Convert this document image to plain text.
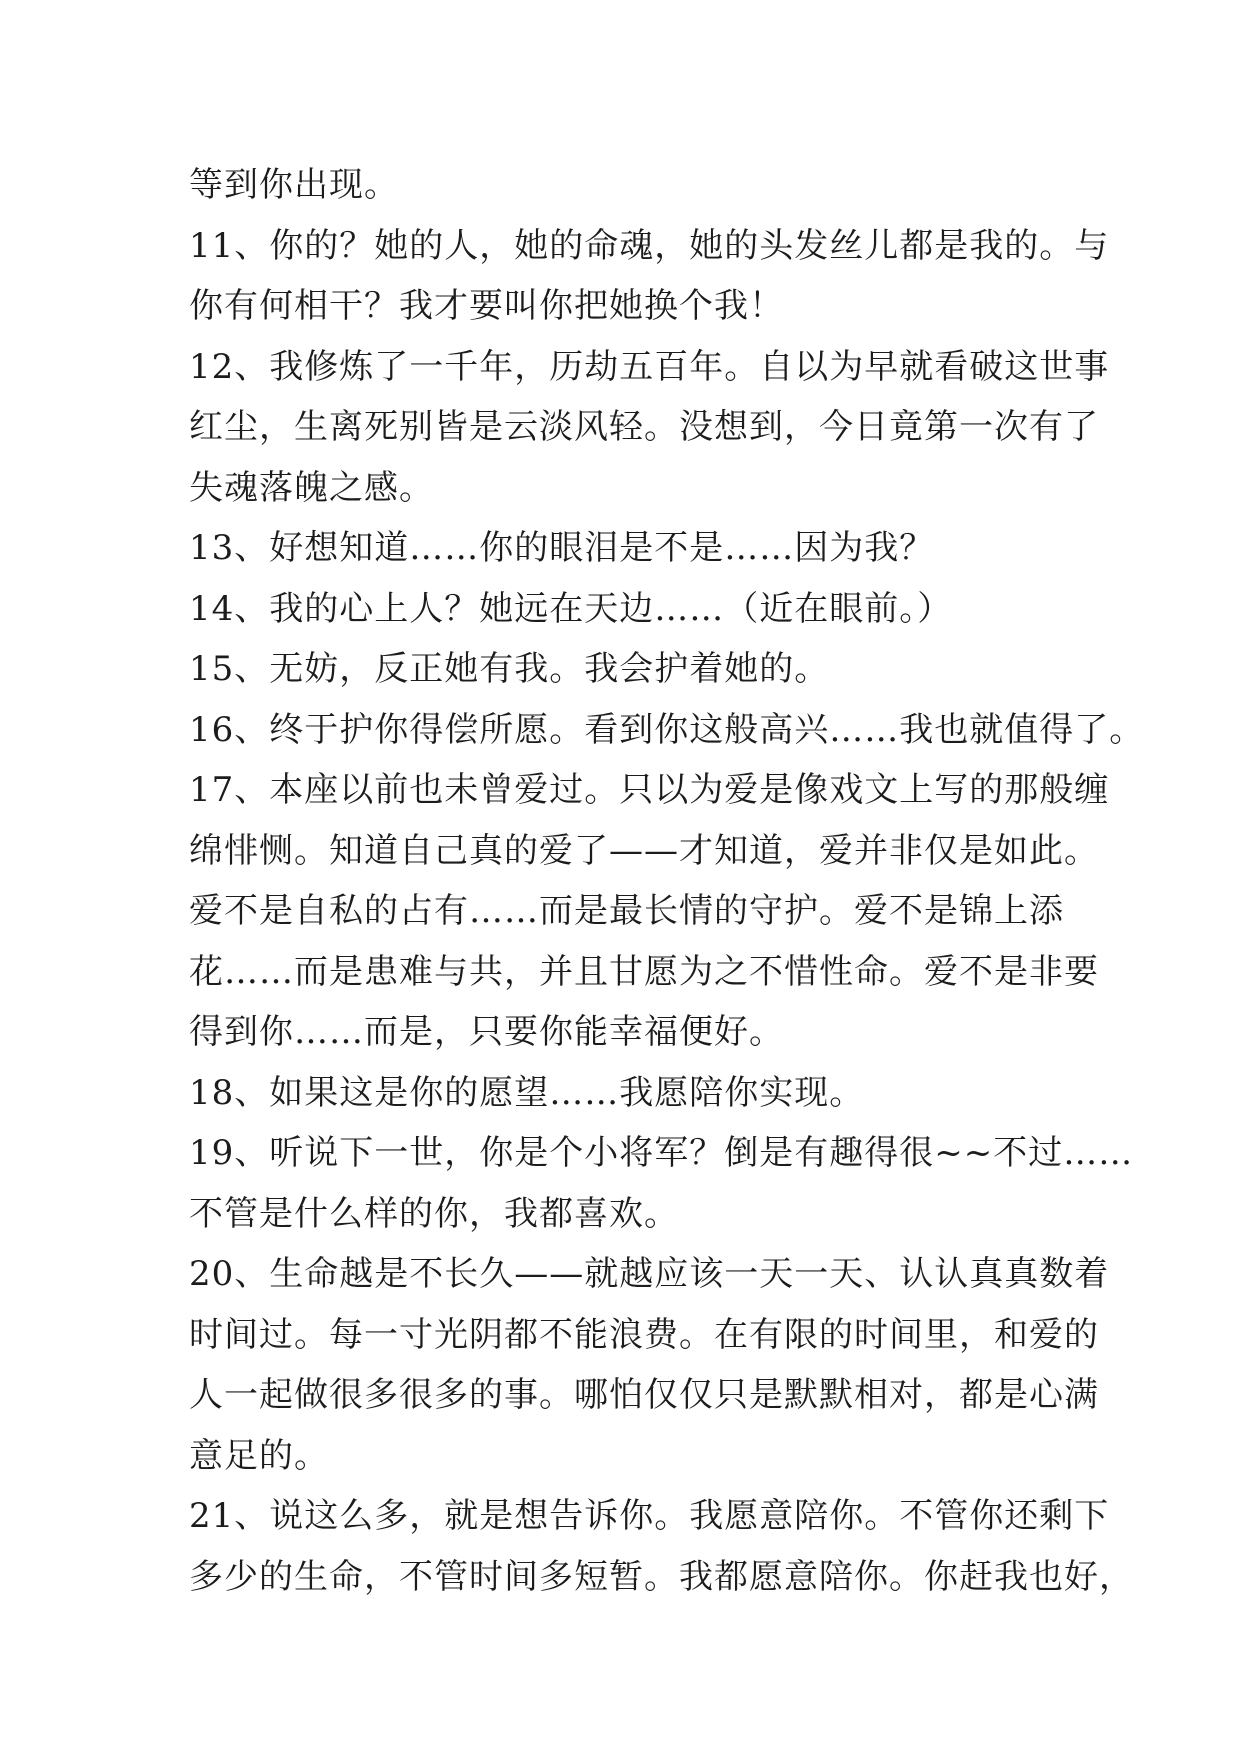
等到你出现。
11、你的？她的人，她的命魂，她的头发丝儿都是我的。与
你有何相干？我才要叫你把她换个我！
12、我修炼了一千年，历劫五百年。自以为早就看破这世事
红尘，生离死别皆是云淡风轻。没想到，今日竟第一次有了
失魂落魄之感。
13、好想知道……你的眼泪是不是……因为我？
14、我的心上人？她远在天边……（近在眼前。）
15、无妨，反正她有我。我会护着她的。
16、终于护你得偿所愿。看到你这般高兴……我也就值得了。
17、本座以前也未曾爱过。只以为爱是像戏文上写的那般缠
绵悱恻。知道自己真的爱了——才知道，爱并非仅是如此。
爱不是自私的占有……而是最长情的守护。爱不是锦上添
花……而是患难与共，并且甘愿为之不惜性命。爱不是非要
得到你……而是，只要你能幸福便好。
18、如果这是你的愿望……我愿陪你实现。
19、听说下一世，你是个小将军？倒是有趣得很~~不过……
不管是什么样的你，我都喜欢。
20、生命越是不长久——就越应该一天一天、认认真真数着
时间过。每一寸光阴都不能浪费。在有限的时间里，和爱的
人一起做很多很多的事。哪怕仅仅只是默默相对，都是心满
意足的。
21、说这么多，就是想告诉你。我愿意陪你。不管你还剩下
多少的生命，不管时间多短暂。我都愿意陪你。你赶我也好，
